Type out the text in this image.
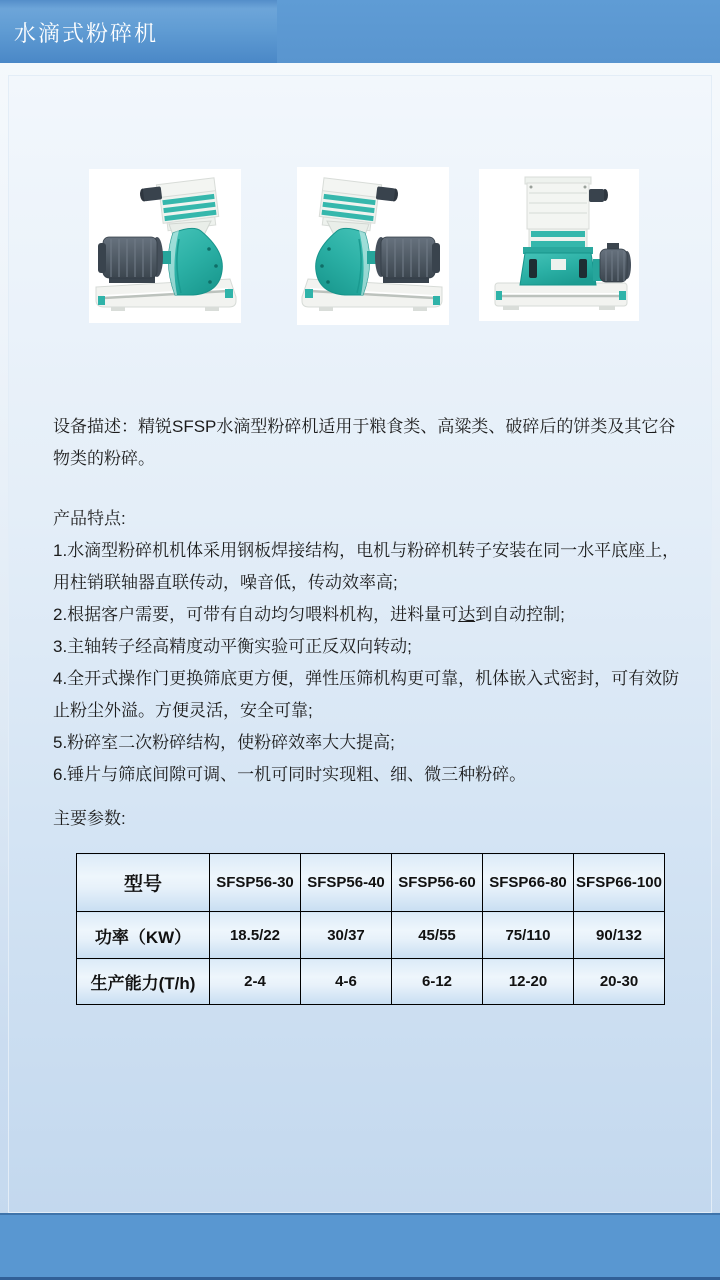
水滴式粉碎机

设备描述：精锐SFSP水滴型粉碎机适用于粮食类、高粱类、破碎后的饼类及其它谷物类的粉碎。

产品特点:

1.水滴型粉碎机机体采用钢板焊接结构，电机与粉碎机转子安装在同一水平底座上，用柱销联轴器直联传动，噪音低，传动效率高;

2.根据客户需要，可带有自动均匀喂料机构，进料量可达到自动控制;

3.主轴转子经高精度动平衡实验可正反双向转动;

4.全开式操作门更换筛底更方便，弹性压筛机构更可靠，机体嵌入式密封，可有效防止粉尘外溢。方便灵活，安全可靠;

5.粉碎室二次粉碎结构，使粉碎效率大大提高;

6.锤片与筛底间隙可调、一机可同时实现粗、细、微三种粉碎。

主要参数:

型号	SFSP56-30	SFSP56-40	SFSP56-60	SFSP66-80	SFSP66-100
功率（KW）	18.5/22	30/37	45/55	75/110	90/132
生产能力(T/h)	2-4	4-6	6-12	12-20	20-30
